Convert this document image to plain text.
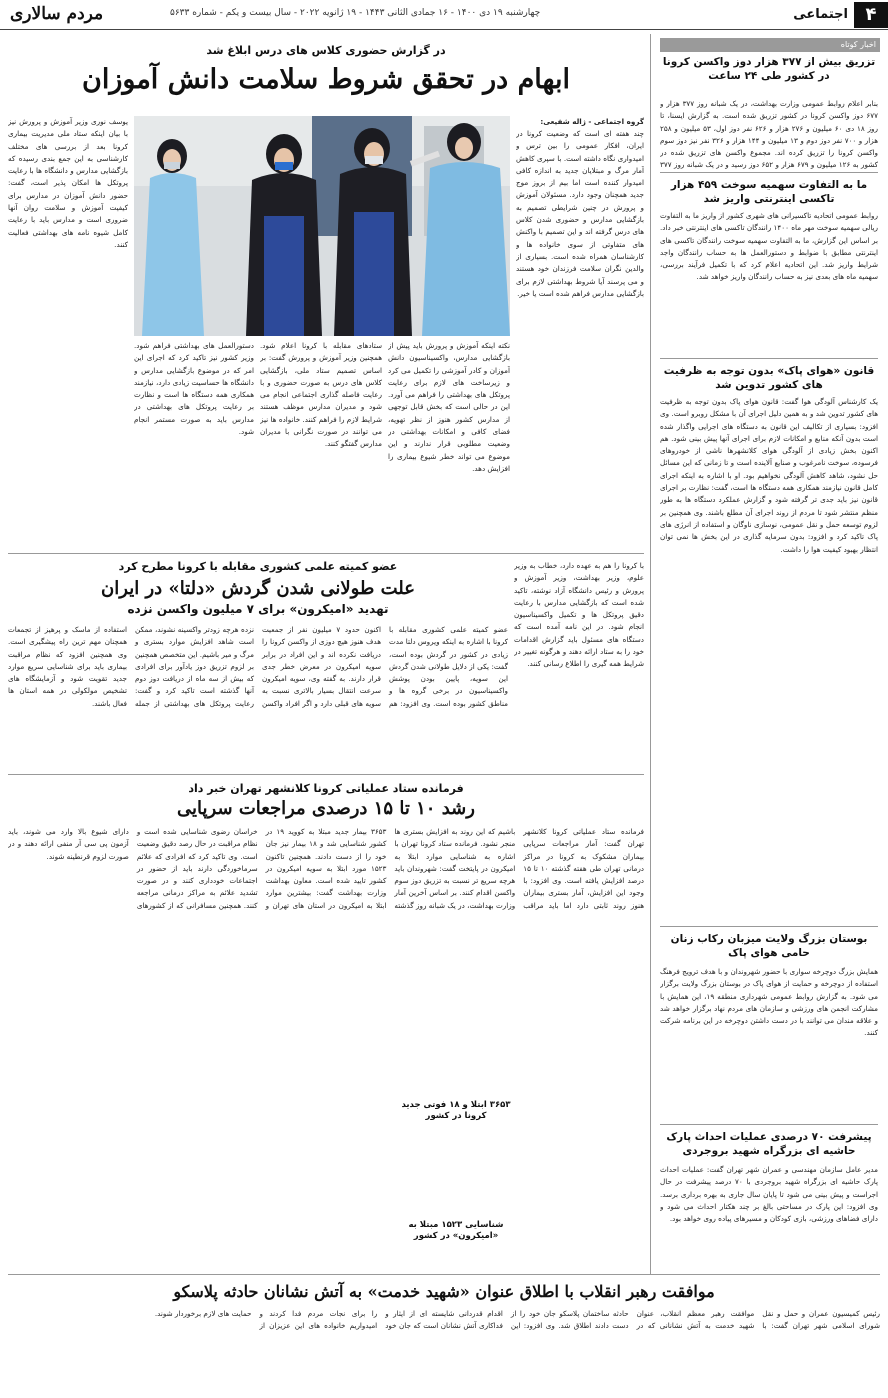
۴
اجتماعی
چهارشنبه ۱۹ دی ۱۴۰۰ - ۱۶ جمادی الثانی ۱۴۴۳ - ۱۹ ژانویه ۲۰۲۲ - سال بیست و یکم - شماره ۵۶۳۳
مردم سالاری
اخبار کوتاه
تزریق بیش از ۳۷۷ هزار دوز واکسن کرونا در کشور طی ۲۴ ساعت
بنابر اعلام روابط عمومی وزارت بهداشت، در یک شبانه روز ۳۷۷ هزار و ۶۷۷ دوز واکسن کرونا در کشور تزریق شده است. به گزارش ایسنا، تا روز ۱۸ دی ۶۰ میلیون و ۲۷۶ هزار و ۶۲۶ نفر دوز اول، ۵۳ میلیون و ۲۵۸ هزار و ۷۰۰ نفر دوز دوم و ۱۳ میلیون و ۱۴۴ هزار و ۳۲۶ نفر نیز دوز سوم واکسن کرونا را تزریق کرده اند. مجموع واکسن های تزریق شده در کشور به ۱۲۶ میلیون و ۶۷۹ هزار و ۶۵۲ دوز رسید و در یک شبانه روز ۳۷۷
ما به التفاوت سهمیه سوخت ۴۵۹ هزار تاکسی اینترنتی واریز شد
روابط عمومی اتحادیه تاکسیرانی های شهری کشور از واریز ما به التفاوت ریالی سهمیه سوخت مهر ماه ۱۴۰۰ رانندگان تاکسی های اینترنتی خبر داد. بر اساس این گزارش، ما به التفاوت سهمیه سوخت رانندگان تاکسی های اینترنتی مطابق با ضوابط و دستورالعمل ها به حساب رانندگان واجد شرایط واریز شد. این اتحادیه اعلام کرد که با تکمیل فرآیند بررسی، سهمیه ماه های بعدی نیز به حساب رانندگان واریز خواهد شد.
قانون «هوای پاک» بدون توجه به ظرفیت های کشور تدوین شد
یک کارشناس آلودگی هوا گفت: قانون هوای پاک بدون توجه به ظرفیت های کشور تدوین شد و به همین دلیل اجرای آن با مشکل روبرو است. وی افزود: بسیاری از تکالیف این قانون به دستگاه های اجرایی واگذار شده است بدون آنکه منابع و امکانات لازم برای اجرای آنها پیش بینی شود. هم اکنون بخش زیادی از آلودگی هوای کلانشهرها ناشی از خودروهای فرسوده، سوخت نامرغوب و صنایع آلاینده است و تا زمانی که این مسائل حل نشود، شاهد کاهش آلودگی نخواهیم بود. او با اشاره به اینکه اجرای کامل قانون نیازمند همکاری همه دستگاه ها است، گفت: نظارت بر اجرای قانون نیز باید جدی تر گرفته شود و گزارش عملکرد دستگاه ها به طور منظم منتشر شود تا مردم از روند اجرای آن مطلع باشند. وی همچنین بر لزوم توسعه حمل و نقل عمومی، نوسازی ناوگان و استفاده از انرژی های پاک تاکید کرد و افزود: بدون سرمایه گذاری در این بخش ها نمی توان انتظار بهبود کیفیت هوا را داشت.
بوستان بزرگ ولایت میزبان رکاب زنان حامی هوای پاک
همایش بزرگ دوچرخه سواری با حضور شهروندان و با هدف ترویج فرهنگ استفاده از دوچرخه و حمایت از هوای پاک در بوستان بزرگ ولایت برگزار می شود. به گزارش روابط عمومی شهرداری منطقه ۱۹، این همایش با مشارکت انجمن های ورزشی و سازمان های مردم نهاد برگزار خواهد شد و علاقه مندان می توانند با در دست داشتن دوچرخه در این برنامه شرکت کنند.
پیشرفت ۷۰ درصدی عملیات احداث پارک حاشیه ای بزرگراه شهید بروجردی
مدیر عامل سازمان مهندسی و عمران شهر تهران گفت: عملیات احداث پارک حاشیه ای بزرگراه شهید بروجردی با ۷۰ درصد پیشرفت در حال اجراست و پیش بینی می شود تا پایان سال جاری به بهره برداری برسد. وی افزود: این پارک در مساحتی بالغ بر چند هکتار احداث می شود و دارای فضاهای ورزشی، بازی کودکان و مسیرهای پیاده روی خواهد بود.
در گزارش حضوری کلاس های درس ابلاغ شد
ابهام در تحقق شروط سلامت دانش آموزان
گروه اجتماعی - ژاله شفیعی:
چند هفته ای است که وضعیت کرونا در ایران، افکار عمومی را بین ترس و امیدواری نگاه داشته است. با سپری کاهش آمار مرگ و مبتلایان جدید به اندازه کافی امیدوار کننده است اما بیم از بروز موج جدید همچنان وجود دارد. مسئولان آموزش و پرورش در چنین شرایطی تصمیم به بازگشایی مدارس و حضوری شدن کلاس های درس گرفته اند و این تصمیم با واکنش های متفاوتی از سوی خانواده ها و کارشناسان همراه شده است. بسیاری از والدین نگران سلامت فرزندان خود هستند و می پرسند آیا شروط بهداشتی لازم برای بازگشایی مدارس فراهم شده است یا خیر.
نکته اینکه آموزش و پرورش باید پیش از بازگشایی مدارس، واکسیناسیون دانش آموزان و کادر آموزشی را تکمیل می کرد و زیرساخت های لازم برای رعایت پروتکل های بهداشتی را فراهم می آورد. این در حالی است که بخش قابل توجهی از مدارس کشور هنوز از نظر تهویه، فضای کافی و امکانات بهداشتی در وضعیت مطلوبی قرار ندارند و این موضوع می تواند خطر شیوع بیماری را افزایش دهد.
یوسف نوری وزیر آموزش و پرورش نیز با بیان اینکه ستاد ملی مدیریت بیماری کرونا بعد از بررسی های مختلف کارشناسی به این جمع بندی رسیده که بازگشایی مدارس و دانشگاه ها با رعایت پروتکل ها امکان پذیر است، گفت: حضور دانش آموزان در مدارس برای کیفیت آموزش و سلامت روان آنها ضروری است و مدارس باید با رعایت کامل شیوه نامه های بهداشتی فعالیت کنند.
دستورالعمل های بهداشتی فراهم شود. وزیر کشور نیز تاکید کرد که اجرای این امر که در موضوع بازگشایی مدارس و دانشگاه ها حساسیت زیادی دارد، نیازمند همکاری همه دستگاه ها است و نظارت بر رعایت پروتکل های بهداشتی در مدارس باید به صورت مستمر انجام شود.
ستادهای مقابله با کرونا اعلام شود. همچنین وزیر آموزش و پرورش گفت: بر اساس تصمیم ستاد ملی، بازگشایی کلاس های درس به صورت حضوری و با رعایت فاصله گذاری اجتماعی انجام می شود و مدیران مدارس موظف هستند شرایط لازم را فراهم کنند. خانواده ها نیز می توانند در صورت نگرانی با مدیران مدارس گفتگو کنند.
عضو کمیته علمی کشوری مقابله با کرونا مطرح کرد
علت طولانی شدن گردش «دلتا» در ایران
تهدید «امیکرون» برای ۷ میلیون واکسن نزده
با کرونا را هم به عهده دارد، خطاب به وزیر علوم، وزیر بهداشت، وزیر آموزش و پرورش و رئیس دانشگاه آزاد نوشته، تاکید شده است که بازگشایی مدارس با رعایت دقیق پروتکل ها و تکمیل واکسیناسیون انجام شود. در این نامه آمده است که دستگاه های مسئول باید گزارش اقدامات خود را به ستاد ارائه دهند و هرگونه تغییر در شرایط همه گیری را اطلاع رسانی کنند.
عضو کمیته علمی کشوری مقابله با کرونا با اشاره به اینکه ویروس دلتا مدت زیادی در کشور در گردش بوده است، گفت: یکی از دلایل طولانی شدن گردش این سویه، پایین بودن پوشش واکسیناسیون در برخی گروه ها و مناطق کشور بوده است. وی افزود: هم اکنون حدود ۷ میلیون نفر از جمعیت هدف هنوز هیچ دوزی از واکسن کرونا را دریافت نکرده اند و این افراد در برابر سویه امیکرون در معرض خطر جدی قرار دارند. به گفته وی، سویه امیکرون سرعت انتقال بسیار بالاتری نسبت به سویه های قبلی دارد و اگر افراد واکسن نزده هرچه زودتر واکسینه نشوند، ممکن است شاهد افزایش موارد بستری و مرگ و میر باشیم. این متخصص همچنین بر لزوم تزریق دوز یادآور برای افرادی که بیش از سه ماه از دریافت دوز دوم آنها گذشته است تاکید کرد و گفت: رعایت پروتکل های بهداشتی از جمله استفاده از ماسک و پرهیز از تجمعات همچنان مهم ترین راه پیشگیری است. وی همچنین افزود که نظام مراقبت بیماری باید برای شناسایی سریع موارد جدید تقویت شود و آزمایشگاه های تشخیص مولکولی در همه استان ها فعال باشند.
فرمانده ستاد عملیاتی کرونا کلانشهر تهران خبر داد
رشد ۱۰ تا ۱۵ درصدی مراجعات سرپایی
فرمانده ستاد عملیاتی کرونا کلانشهر تهران گفت: آمار مراجعات سرپایی بیماران مشکوک به کرونا در مراکز درمانی تهران طی هفته گذشته ۱۰ تا ۱۵ درصد افزایش یافته است. وی افزود: با وجود این افزایش، آمار بستری بیماران هنوز روند ثابتی دارد اما باید مراقب باشیم که این روند به افزایش بستری ها منجر نشود. فرمانده ستاد کرونا تهران با اشاره به شناسایی موارد ابتلا به امیکرون در پایتخت گفت: شهروندان باید هرچه سریع تر نسبت به تزریق دوز سوم واکسن اقدام کنند. بر اساس آخرین آمار وزارت بهداشت، در یک شبانه روز گذشته ۳۶۵۳ بیمار جدید مبتلا به کووید ۱۹ در کشور شناسایی شد و ۱۸ بیمار نیز جان خود را از دست دادند. همچنین تاکنون ۱۵۲۳ مورد ابتلا به سویه امیکرون در کشور تایید شده است. معاون بهداشت وزارت بهداشت گفت: بیشترین موارد ابتلا به امیکرون در استان های تهران و خراسان رضوی شناسایی شده است و نظام مراقبت در حال رصد دقیق وضعیت است. وی تاکید کرد که افرادی که علائم سرماخوردگی دارند باید از حضور در اجتماعات خودداری کنند و در صورت تشدید علائم به مراکز درمانی مراجعه کنند. همچنین مسافرانی که از کشورهای دارای شیوع بالا وارد می شوند، باید آزمون پی سی آر منفی ارائه دهند و در صورت لزوم قرنطینه شوند.
۳۶۵۳ ابتلا و ۱۸ فوتی جدید کرونا در کشور
شناسایی ۱۵۲۳ مبتلا به «امیکرون» در کشور
موافقت رهبر انقلاب با اطلاق عنوان «شهید خدمت» به آتش نشانان حادثه پلاسکو
رئیس کمیسیون عمران و حمل و نقل شورای اسلامی شهر تهران گفت: با موافقت رهبر معظم انقلاب، عنوان شهید خدمت به آتش نشانانی که در حادثه ساختمان پلاسکو جان خود را از دست دادند اطلاق شد. وی افزود: این اقدام قدردانی شایسته ای از ایثار و فداکاری آتش نشانان است که جان خود را برای نجات مردم فدا کردند و امیدواریم خانواده های این عزیزان از حمایت های لازم برخوردار شوند.
